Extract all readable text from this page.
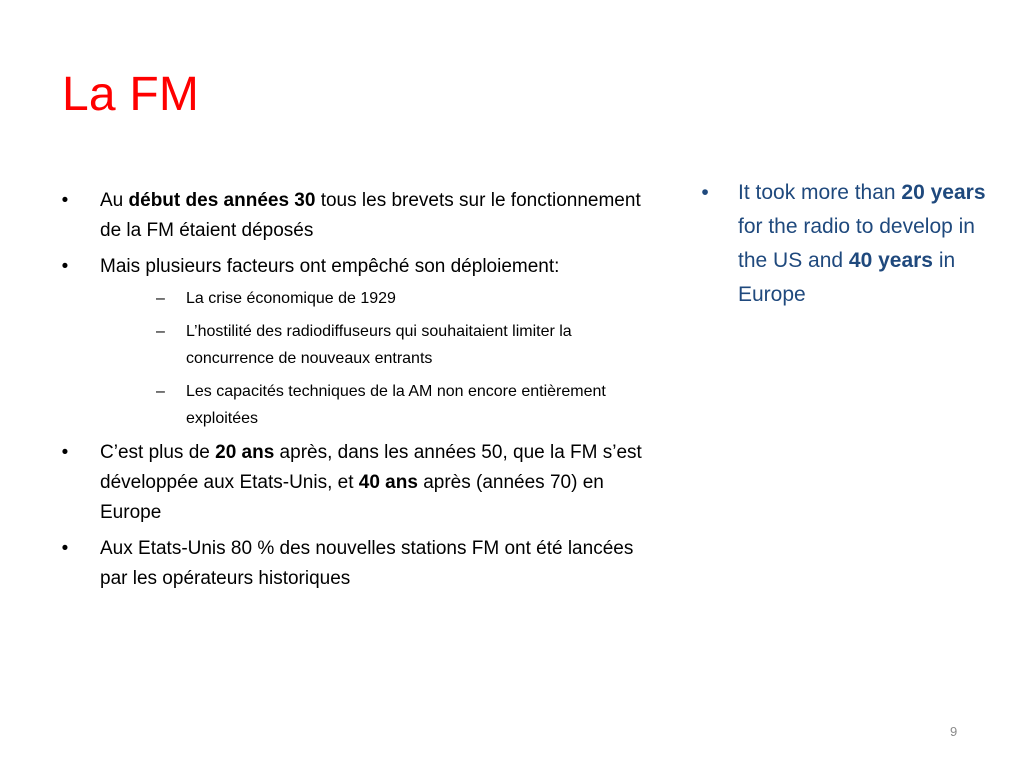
La FM
• Au début des années 30 tous les brevets sur le fonctionnement de la FM étaient déposés
• Mais plusieurs facteurs ont empêché son déploiement:
– La crise économique de 1929
– L’hostilité des radiodiffuseurs qui souhaitaient limiter la concurrence de nouveaux entrants
– Les capacités techniques de la AM non encore entièrement exploitées
• C’est plus de 20 ans après, dans les années 50, que la FM s’est développée aux Etats-Unis, et 40 ans après (années 70) en Europe
• Aux Etats-Unis 80 % des nouvelles stations FM ont été lancées par les opérateurs historiques
• It took more than 20 years for the radio to develop in the US and 40 years in Europe
9
